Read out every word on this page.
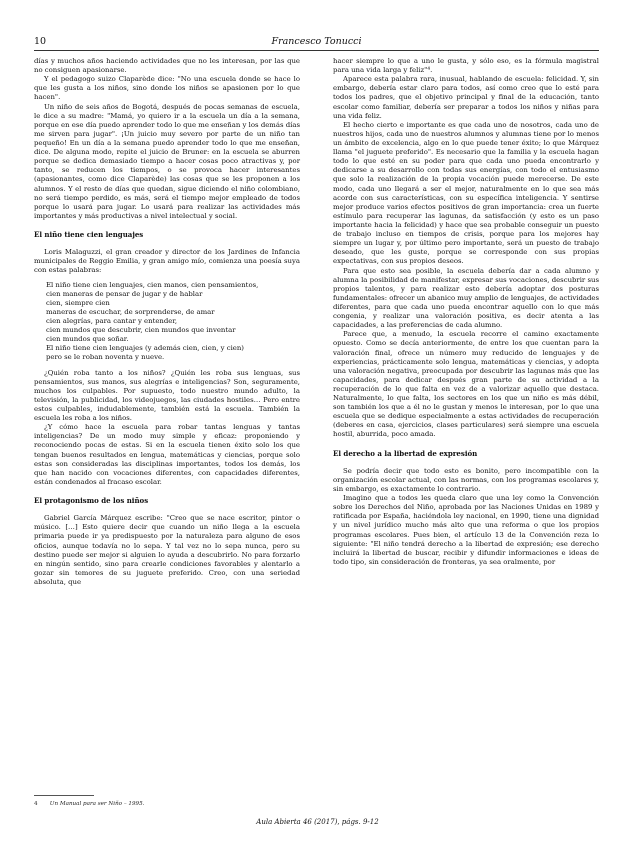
10	Francesco Tonucci

días y muchos años haciendo actividades que no les interesan, por las que no consiguen apasionarse.

Y el pedagogo suizo Claparède dice: "No una escuela donde se hace lo que les gusta a los niños, sino donde los niños se apasionen por lo que hacen".

Un niño de seis años de Bogotá, después de pocas semanas de escuela, le dice a su madre: "Mamá, yo quiero ir a la escuela un día a la semana, porque en ese día puedo aprender todo lo que me enseñan y los demás días me sirven para jugar". ¡Un juicio muy severo por parte de un niño tan pequeño! En un día a la semana puedo aprender todo lo que me enseñan, dice. De alguna modo, repite el juicio de Bruner: en la escuela se aburren porque se dedica demasiado tiempo a hacer cosas poco atractivas y, por tanto, se reducen los tiempos, o se provoca hacer interesantes (apasionantes, como dice Claparède) las cosas que se les proponen a los alumnos. Y el resto de días que quedan, sigue diciendo el niño colombiano, no será tiempo perdido, es más, será el tiempo mejor empleado de todos porque lo usará para jugar. Lo usará para realizar las actividades más importantes y más productivas a nivel intelectual y social.

El niño tiene cien lenguajes

Loris Malaguzzi, el gran creador y director de los Jardines de Infancia municipales de Reggio Emilia, y gran amigo mío, comienza una poesía suya con estas palabras:

El niño tiene cien lenguajes, cien manos, cien pensamientos,
cien maneras de pensar de jugar y de hablar
cien, siempre cien
maneras de escuchar, de sorprenderse, de amar
cien alegrías, para cantar y entender,
cien mundos que descubrir, cien mundos que inventar
cien mundos que soñar.
El niño tiene cien lenguajes (y además cien, cien, y cien)
pero se le roban noventa y nueve.

¿Quién roba tanto a los niños? ¿Quién les roba sus lenguas, sus pensamientos, sus manos, sus alegrías e inteligencias? Son, seguramente, muchos los culpables. Por supuesto, todo nuestro mundo adulto, la televisión, la publicidad, los videojuegos, las ciudades hostiles… Pero entre estos culpables, indudablemente, también está la escuela. También la escuela les roba a los niños.

¿Y cómo hace la escuela para robar tantas lenguas y tantas inteligencias? De un modo muy simple y eficaz: proponiendo y reconociendo pocas de estas. Si en la escuela tienen éxito solo los que tengan buenos resultados en lengua, matemáticas y ciencias, porque solo estas son consideradas las disciplinas importantes, todos los demás, los que han nacido con vocaciones diferentes, con capacidades diferentes, están condenados al fracaso escolar.

El protagonismo de los niños

Gabriel García Márquez escribe: "Creo que se nace escritor, pintor o músico. […] Esto quiere decir que cuando un niño llega a la escuela primaria puede ir ya predispuesto por la naturaleza para alguno de esos oficios, aunque todavía no lo sepa. Y tal vez no lo sepa nunca, pero su destino puede ser mejor si alguien lo ayuda a descubrirlo. No para forzarlo en ningún sentido, sino para crearle condiciones favorables y alentarlo a gozar sin temores de su juguete preferido. Creo, con una seriedad absoluta, que

hacer siempre lo que a uno le gusta, y sólo eso, es la fórmula magistral para una vida larga y feliz"⁴.

Aparece esta palabra rara, inusual, hablando de escuela: felicidad. Y, sin embargo, debería estar claro para todos, así como creo que lo esté para todos los padres, que el objetivo principal y final de la educación, tanto escolar como familiar, debería ser preparar a todos los niños y niñas para una vida feliz.

El hecho cierto e importante es que cada uno de nosotros, cada uno de nuestros hijos, cada uno de nuestros alumnos y alumnas tiene por lo menos un ámbito de excelencia, algo en lo que puede tener éxito; lo que Márquez llama "el juguete preferido". Es necesario que la familia y la escuela hagan todo lo que esté en su poder para que cada uno pueda encontrarlo y dedicarse a su desarrollo con todas sus energías, con todo el entusiasmo que solo la realización de la propia vocación puede merecerse. De este modo, cada uno llegará a ser el mejor, naturalmente en lo que sea más acorde con sus características, con su específica inteligencia. Y sentirse mejor produce varios efectos positivos de gran importancia: crea un fuerte estímulo para recuperar las lagunas, da satisfacción (y esto es un paso importante hacia la felicidad) y hace que sea probable conseguir un puesto de trabajo incluso en tiempos de crisis, porque para los mejores hay siempre un lugar y, por último pero importante, será un puesto de trabajo deseado, que les guste, porque se corresponde con sus propias expectativas, con sus propios deseos.

Para que esto sea posible, la escuela debería dar a cada alumno y alumna la posibilidad de manifestar, expresar sus vocaciones, descubrir sus propios talentos, y para realizar esto debería adoptar dos posturas fundamentales: ofrecer un abanico muy amplio de lenguajes, de actividades diferentes, para que cada uno pueda encontrar aquello con lo que más congenia, y realizar una valoración positiva, es decir atenta a las capacidades, a las preferencias de cada alumno.

Parece que, a menudo, la escuela recorre el camino exactamente opuesto. Como se decía anteriormente, de entre los que cuentan para la valoración final, ofrece un número muy reducido de lenguajes y de experiencias, prácticamente solo lengua, matemáticas y ciencias, y adopta una valoración negativa, preocupada por descubrir las lagunas más que las capacidades, para dedicar después gran parte de su actividad a la recuperación de lo que falta en vez de a valorizar aquello que destaca. Naturalmente, lo que falta, los sectores en los que un niño es más débil, son también los que a él no le gustan y menos le interesan, por lo que una escuela que se dedique especialmente a estas actividades de recuperación (deberes en casa, ejercicios, clases particulares) será siempre una escuela hostil, aburrida, poco amada.

El derecho a la libertad de expresión

Se podría decir que todo esto es bonito, pero incompatible con la organización escolar actual, con las normas, con los programas escolares y, sin embargo, es exactamente lo contrario.

Imagino que a todos les queda claro que una ley como la Convención sobre los Derechos del Niño, aprobada por las Naciones Unidas en 1989 y ratificada por España, haciéndola ley nacional, en 1990, tiene una dignidad y un nivel jurídico mucho más alto que una reforma o que los propios programas escolares. Pues bien, el artículo 13 de la Convención reza lo siguiente: "El niño tendrá derecho a la libertad de expresión; ese derecho incluirá la libertad de buscar, recibir y difundir informaciones e ideas de todo tipo, sin consideración de fronteras, ya sea oralmente, por

4 Un Manual para ser Niño – 1995.
Aula Abierta 46 (2017), págs. 9-12
